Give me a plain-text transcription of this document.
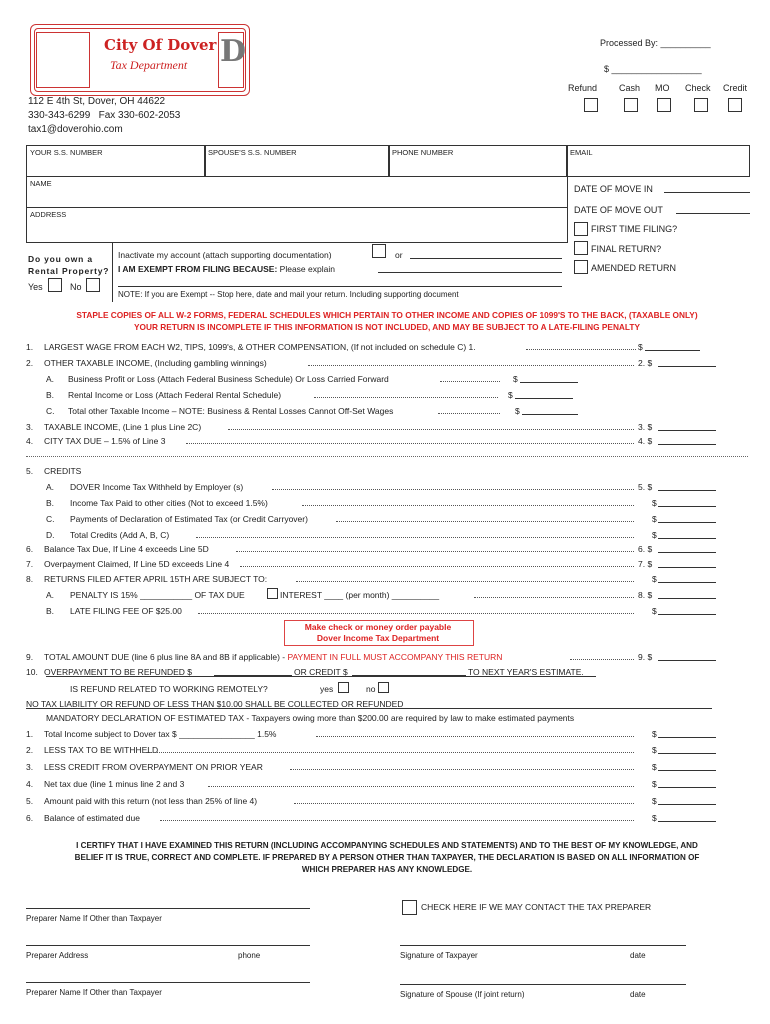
D
City Of Dover
Tax Department
112 E 4th St, Dover, OH 44622
330-343-6299   Fax 330-602-2053
tax1@doverohio.com
Processed By: __________
$ __________________
Refund Cash MO Check Credit
YOUR S.S. NUMBER	SPOUSE'S S.S. NUMBER	PHONE NUMBER	EMAIL
NAME
ADDRESS
DATE OF MOVE IN
DATE OF MOVE OUT
FIRST TIME FILING?
FINAL RETURN?
AMENDED RETURN
Do you own a
Rental Property?
Yes	No
Inactivate my account (attach supporting documentation)	or
I AM EXEMPT FROM FILING BECAUSE: Please explain
NOTE: If you are Exempt -- Stop here, date and mail your return. Including supporting document
STAPLE COPIES OF ALL W-2 FORMS, FEDERAL SCHEDULES WHICH PERTAIN TO OTHER INCOME AND COPIES OF 1099'S TO THE BACK, (TAXABLE ONLY)
YOUR RETURN IS INCOMPLETE IF THIS INFORMATION IS NOT INCLUDED, AND MAY BE SUBJECT TO A LATE-FILING PENALTY
1. LARGEST WAGE FROM EACH W2, TIPS, 1099's, & OTHER COMPENSATION, (If not included on schedule C) 1.	$
2. OTHER TAXABLE INCOME, (Including gambling winnings)	2. $
A. Business Profit or Loss (Attach Federal Business Schedule) Or Loss Carried Forward	$
B. Rental Income or Loss (Attach Federal Rental Schedule)	$
C. Total other Taxable Income – NOTE: Business & Rental Losses Cannot Off-Set Wages	$
3. TAXABLE INCOME, (Line 1 plus Line 2C)	3. $
4. CITY TAX DUE – 1.5% of Line 3	4. $
5. CREDITS
A. DOVER Income Tax Withheld by Employer (s)	5. $
B. Income Tax Paid to other cities (Not to exceed 1.5%)	$
C. Payments of Declaration of Estimated Tax (or Credit Carryover)	$
D. Total Credits (Add A, B, C)	$
6. Balance Tax Due, If Line 4 exceeds Line 5D	6. $
7. Overpayment Claimed, If Line 5D exceeds Line 4	7. $
8. RETURNS FILED AFTER APRIL 15TH ARE SUBJECT TO:	$
A. PENALTY IS 15% ___________ OF TAX DUE	INTEREST ____ (per month) __________	8. $
B. LATE FILING FEE OF $25.00	$
Make check or money order payable
Dover Income Tax Department
9. TOTAL AMOUNT DUE (line 6 plus line 8A and 8B if applicable) - PAYMENT IN FULL MUST ACCOMPANY THIS RETURN	9. $
10. OVERPAYMENT TO BE REFUNDED $	OR CREDIT $	TO NEXT YEAR'S ESTIMATE.
IS REFUND RELATED TO WORKING REMOTELY?	yes	no
NO TAX LIABILITY OR REFUND OF LESS THAN $10.00 SHALL BE COLLECTED OR REFUNDED
MANDATORY DECLARATION OF ESTIMATED TAX - Taxpayers owing more than $200.00 are required by law to make estimated payments
1. Total Income subject to Dover tax $ ________________ 1.5%	$
2. LESS TAX TO BE WITHHELD	$
3. LESS CREDIT FROM OVERPAYMENT ON PRIOR YEAR	$
4. Net tax due (line 1 minus line 2 and 3	$
5. Amount paid with this return (not less than 25% of line 4)	$
6. Balance of estimated due	$
I CERTIFY THAT I HAVE EXAMINED THIS RETURN (INCLUDING ACCOMPANYING SCHEDULES AND STATEMENTS) AND TO THE BEST OF MY KNOWLEDGE, AND
BELIEF IT IS TRUE, CORRECT AND COMPLETE. IF PREPARED BY A PERSON OTHER THAN TAXPAYER, THE DECLARATION IS BASED ON ALL INFORMATION OF
WHICH PREPARER HAS ANY KNOWLEDGE.
Preparer Name If Other than Taxpayer
CHECK HERE IF WE MAY CONTACT THE TAX PREPARER
Preparer Address	phone	Signature of Taxpayer	date
Preparer Name If Other than Taxpayer	Signature of Spouse (If joint return)	date
